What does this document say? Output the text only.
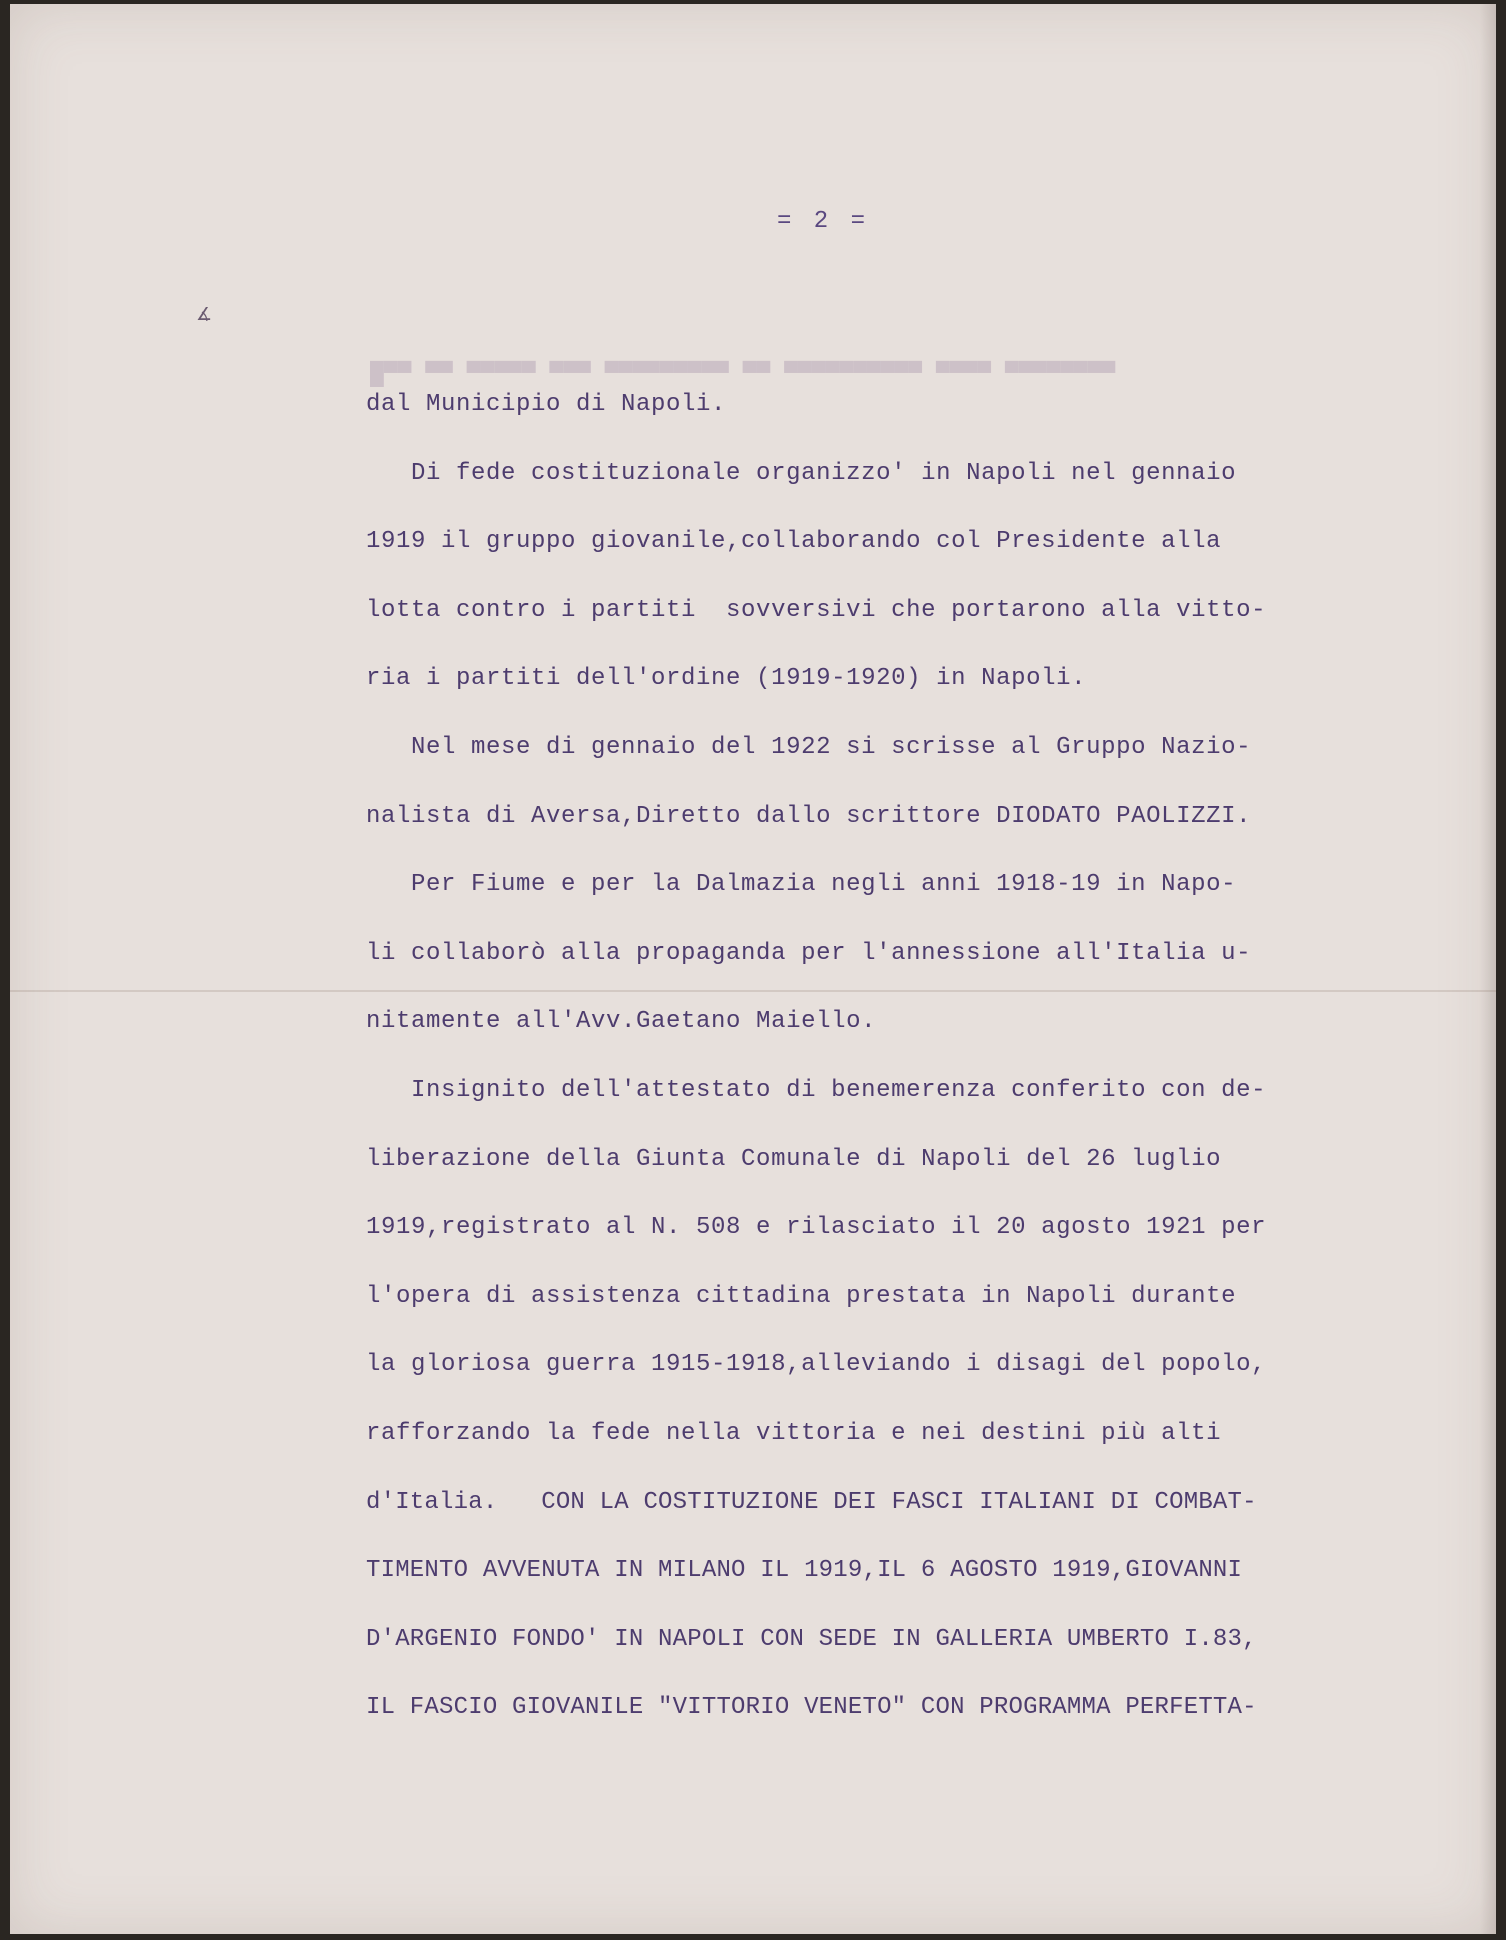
= 2 =
∡
█▀▀ ▀▀ ▀▀▀▀▀ ▀▀▀ ▀▀▀▀▀▀▀▀▀ ▀▀ ▀▀▀▀▀▀▀▀▀▀ ▀▀▀▀ ▀▀▀▀▀▀▀▀
dal Municipio di Napoli.
Di fede costituzionale organizzo' in Napoli nel gennaio
1919 il gruppo giovanile,collaborando col Presidente alla
lotta contro i partiti  sovversivi che portarono alla vitto-
ria i partiti dell'ordine (1919-1920) in Napoli.
Nel mese di gennaio del 1922 si scrisse al Gruppo Nazio-
nalista di Aversa,Diretto dallo scrittore DIODATO PAOLIZZI.
Per Fiume e per la Dalmazia negli anni 1918-19 in Napo-
li collaborò alla propaganda per l'annessione all'Italia u-
nitamente all'Avv.Gaetano Maiello.
Insignito dell'attestato di benemerenza conferito con de-
liberazione della Giunta Comunale di Napoli del 26 luglio
1919,registrato al N. 508 e rilasciato il 20 agosto 1921 per
l'opera di assistenza cittadina prestata in Napoli durante
la gloriosa guerra 1915-1918,alleviando i disagi del popolo,
rafforzando la fede nella vittoria e nei destini più alti
d'Italia.   CON LA COSTITUZIONE DEI FASCI ITALIANI DI COMBAT-
TIMENTO AVVENUTA IN MILANO IL 1919,IL 6 AGOSTO 1919,GIOVANNI
D'ARGENIO FONDO' IN NAPOLI CON SEDE IN GALLERIA UMBERTO I.83,
IL FASCIO GIOVANILE "VITTORIO VENETO" CON PROGRAMMA PERFETTA-
